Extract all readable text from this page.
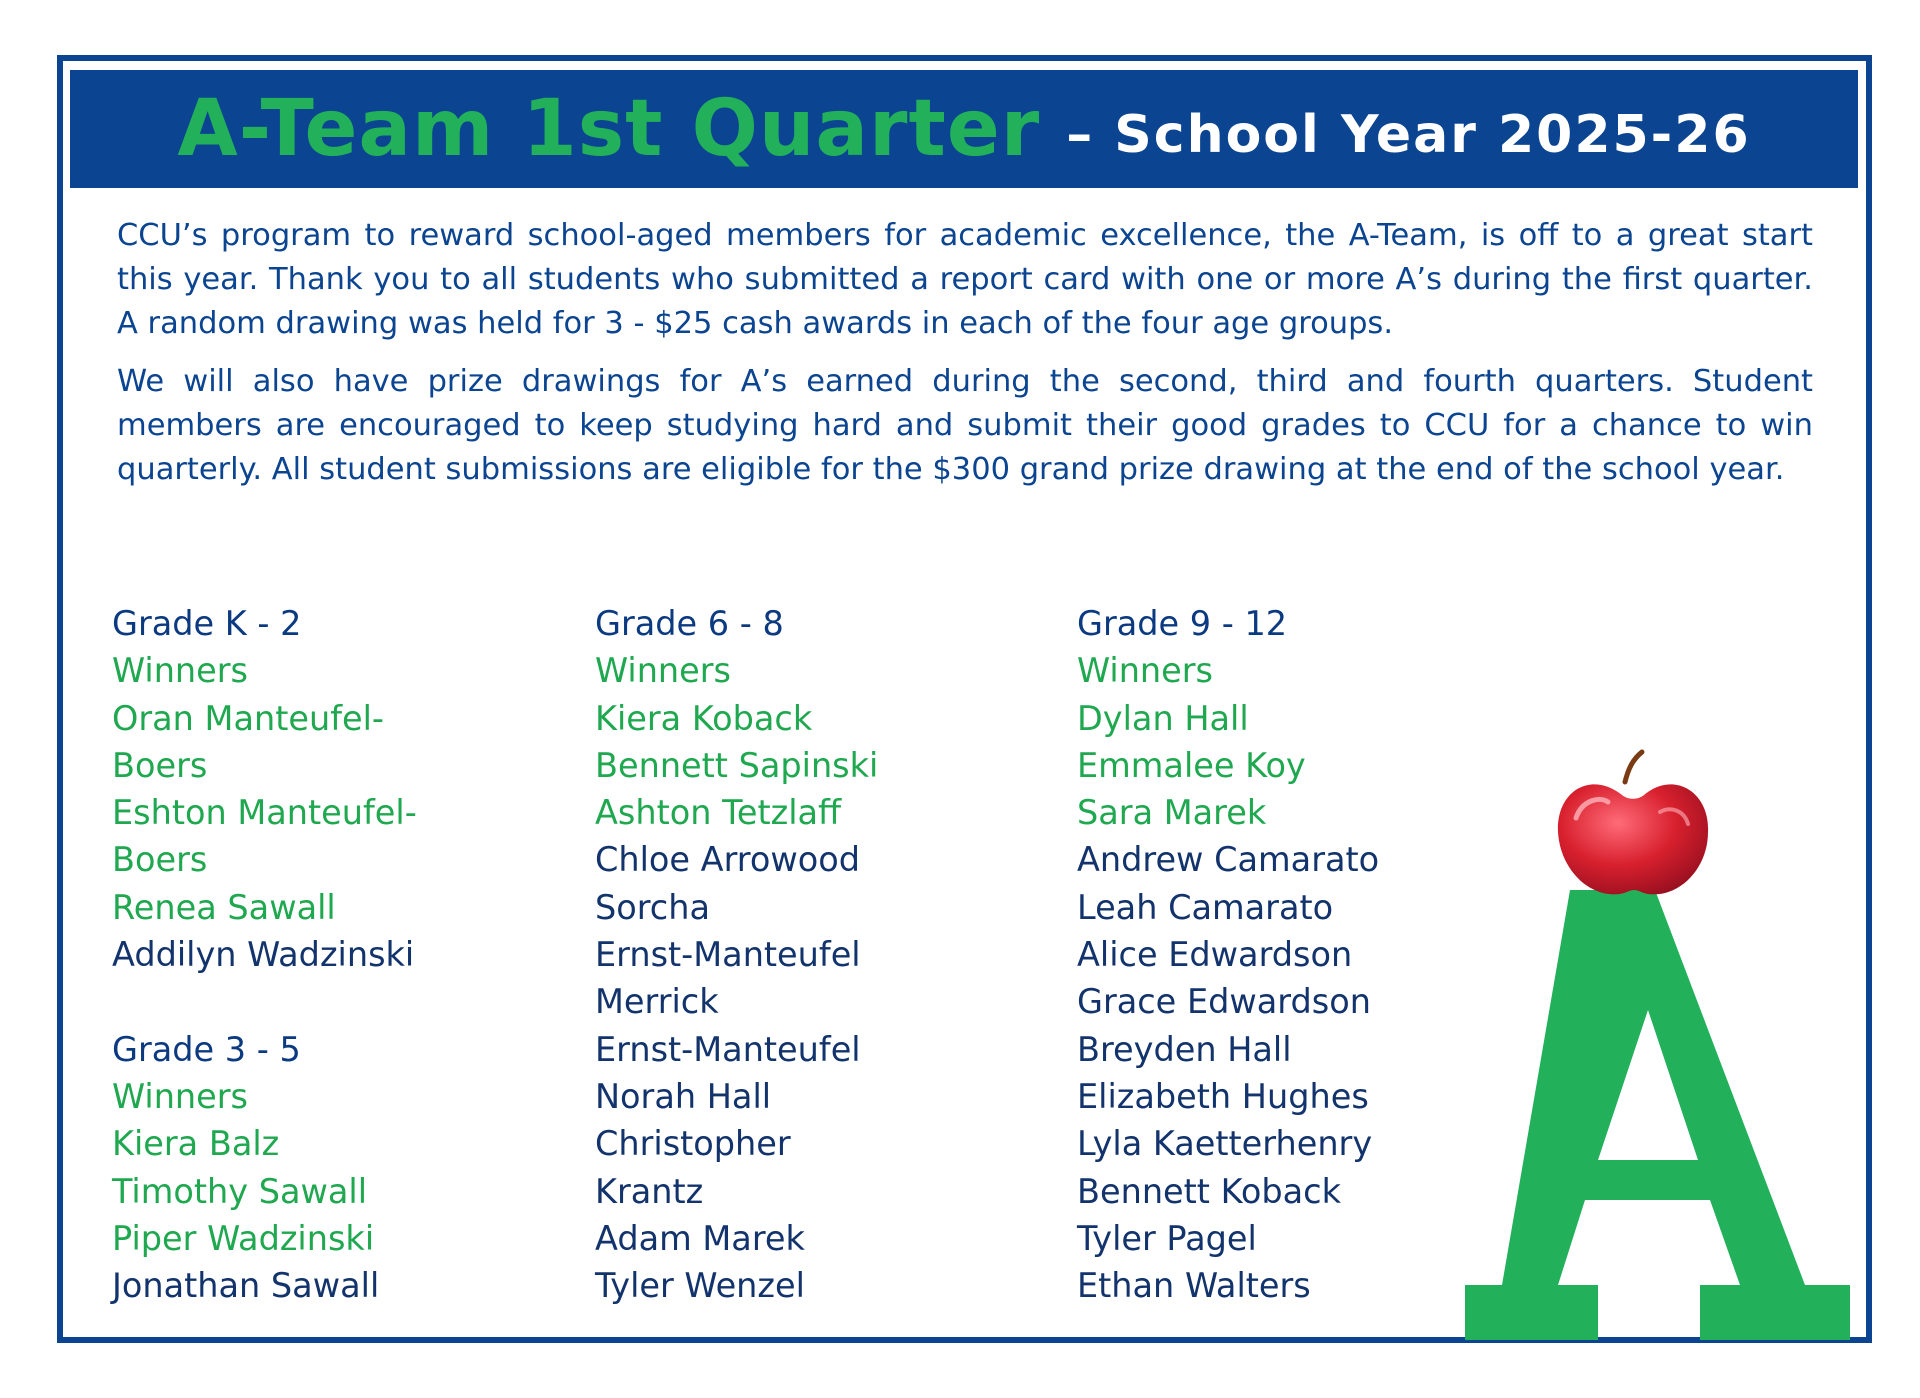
A-Team 1st Quarter – School Year 2025-26

CCU’s program to reward school-aged members for academic excellence, the A-Team, is off to a great start this year. Thank you to all students who submitted a report card with one or more A’s during the first quarter. A random drawing was held for 3 - $25 cash awards in each of the four age groups.

We will also have prize drawings for A’s earned during the second, third and fourth quarters. Student members are encouraged to keep studying hard and submit their good grades to CCU for a chance to win quarterly. All student submissions are eligible for the $300 grand prize drawing at the end of the school year.

Grade K - 2
Winners
Oran Manteufel-
Boers
Eshton Manteufel-
Boers
Renea Sawall
Addilyn Wadzinski
Grade 3 - 5
Winners
Kiera Balz
Timothy Sawall
Piper Wadzinski
Jonathan Sawall
Grade 6 - 8
Winners
Kiera Koback
Bennett Sapinski
Ashton Tetzlaff
Chloe Arrowood
Sorcha
Ernst-Manteufel
Merrick
Ernst-Manteufel
Norah Hall
Christopher
Krantz
Adam Marek
Tyler Wenzel
Grade 9 - 12
Winners
Dylan Hall
Emmalee Koy
Sara Marek
Andrew Camarato
Leah Camarato
Alice Edwardson
Grace Edwardson
Breyden Hall
Elizabeth Hughes
Lyla Kaetterhenry
Bennett Koback
Tyler Pagel
Ethan Walters
